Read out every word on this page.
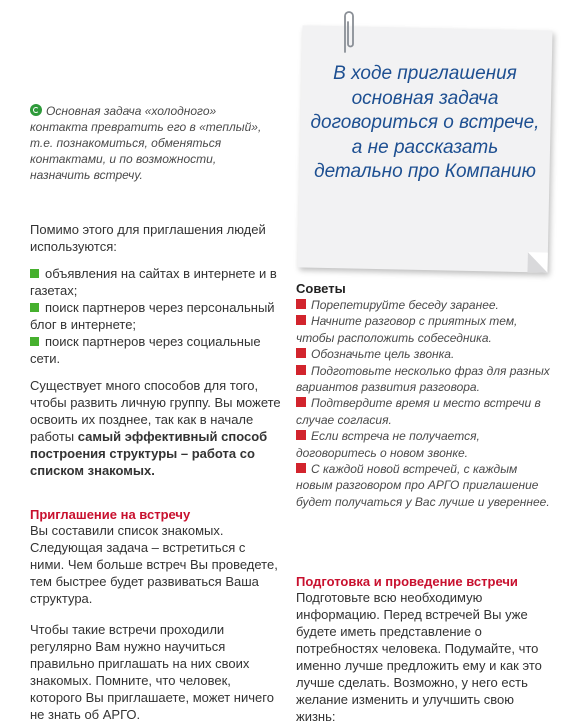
Основная задача «холодного» контакта превратить его в «теплый», т.е. познакомиться, обменяться контактами, и по возможности, назначить встречу.
Помимо этого для приглашения людей используются:
объявления на сайтах в интернете и в газетах;
поиск партнеров через персональный блог в интернете;
поиск партнеров через социальные сети.
Существует много способов для того, чтобы развить личную группу. Вы можете освоить их позднее, так как в начале работы самый эффективный способ построения структуры – работа со списком знакомых.
Приглашение на встречу
Вы составили список знакомых. Следующая задача – встретиться с ними. Чем больше встреч Вы проведете, тем быстрее будет развиваться Ваша структура.
Чтобы такие встречи проходили регулярно Вам нужно научиться правильно приглашать на них своих знакомых. Помните, что человек, которого Вы приглашаете, может ничего не знать об АРГО.
В ходе приглашения основная задача договориться о встрече, а не рассказать детально про Компанию
Советы

Порепетируйте беседу заранее.

Начните разговор с приятных тем, чтобы расположить собеседника.

Обозначьте цель звонка.

Подготовьте несколько фраз для разных вариантов развития разговора.

Подтвердите время и место встречи в случае согласия.

Если встреча не получается, договоритесь о новом звонке.

С каждой новой встречей, с каждым новым разговором про АРГО приглашение будет получаться у Вас лучше и увереннее.

Подготовка и проведение встречи
Подготовьте всю необходимую информацию. Перед встречей Вы уже будете иметь представление о потребностях человека. Подумайте, что именно лучше предложить ему и как это лучше сделать. Возможно, у него есть желание изменить и улучшить свою жизнь:
